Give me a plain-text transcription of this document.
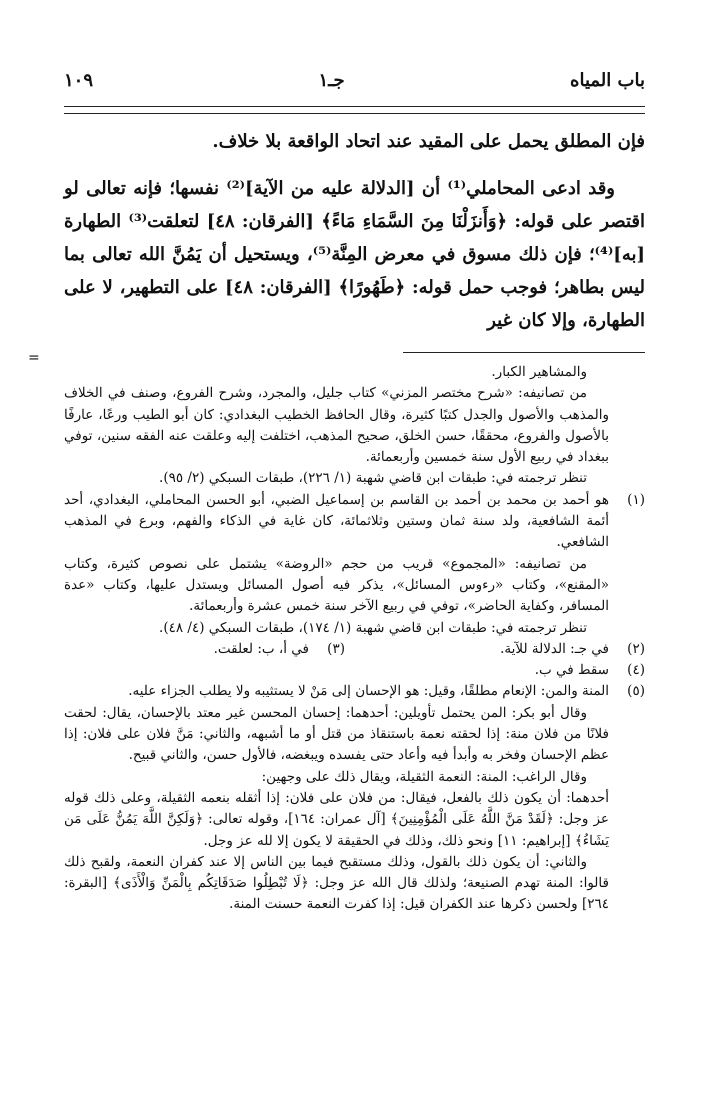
باب المياه
جـ١
١٠٩

فإن المطلق يحمل على المقيد عند اتحاد الواقعة بلا خلاف.

وقد ادعى المحاملي⁽¹⁾ أن [الدلالة عليه من الآية]⁽²⁾ نفسها؛ فإنه تعالى لو اقتصر على قوله: ﴿وَأَنزَلْنَا مِنَ السَّمَاءِ مَاءً﴾ [الفرقان: ٤٨] لتعلقت⁽³⁾ الطهارة [به]⁽⁴⁾؛ فإن ذلك مسوق في معرض المِنَّة⁽⁵⁾، ويستحيل أن يَمُنَّ الله تعالى بما ليس بطاهر؛ فوجب حمل قوله: ﴿طَهُورًا﴾ [الفرقان: ٤٨] على التطهير، لا على الطهارة، وإلا كان غير

=

والمشاهير الكبار.

من تصانيفه: «شرح مختصر المزني» كتاب جليل، والمجرد، وشرح الفروع، وصنف في الخلاف والمذهب والأصول والجدل كتبًا كثيرة، وقال الحافظ الخطيب البغدادي: كان أبو الطيب ورعًا، عارفًا بالأصول والفروع، محققًا، حسن الخلق، صحيح المذهب، اختلفت إليه وعلقت عنه الفقه سنين، توفي ببغداد في ربيع الأول سنة خمسين وأربعمائة.

تنظر ترجمته في: طبقات ابن قاضي شهبة (١/ ٢٢٦)، طبقات السبكي (٢/ ٩٥).

(١)

هو أحمد بن محمد بن أحمد بن القاسم بن إسماعيل الضبي، أبو الحسن المحاملي، البغدادي، أحد أئمة الشافعية، ولد سنة ثمان وستين وثلاثمائة، كان غاية في الذكاء والفهم، وبرع في المذهب الشافعي.

من تصانيفه: «المجموع» قريب من حجم «الروضة» يشتمل على نصوص كثيرة، وكتاب «المقنع»، وكتاب «رءوس المسائل»، يذكر فيه أصول المسائل ويستدل عليها، وكتاب «عدة المسافر، وكفاية الحاضر»، توفي في ربيع الآخر سنة خمس عشرة وأربعمائة.

تنظر ترجمته في: طبقات ابن قاضي شهبة (١/ ١٧٤)، طبقات السبكي (٤/ ٤٨).

(٢)
في جـ: الدلالة للآية.
(٣)
في أ، ب: لعلقت.
(٤)
سقط في ب.
(٥)

المنة والمن: الإنعام مطلقًا، وقيل: هو الإحسان إلى مَنْ لا يستثيبه ولا يطلب الجزاء عليه.

وقال أبو بكر: المن يحتمل تأويلين: أحدهما: إحسان المحسن غير معتد بالإحسان، يقال: لحقت فلانًا من فلان منة: إذا لحقته نعمة باستنقاذ من قتل أو ما أشبهه، والثاني: مَنَّ فلان على فلان: إذا عظم الإحسان وفخر به وأبدأ فيه وأعاد حتى يفسده ويبغضه، فالأول حسن، والثاني قبيح.

وقال الراغب: المنة: النعمة الثقيلة، ويقال ذلك على وجهين:

أحدهما: أن يكون ذلك بالفعل، فيقال: من فلان على فلان: إذا أثقله بنعمه الثقيلة، وعلى ذلك قوله عز وجل: ﴿لَقَدْ مَنَّ اللَّهُ عَلَى الْمُؤْمِنِينَ﴾ [آل عمران: ١٦٤]، وقوله تعالى: ﴿وَلَكِنَّ اللَّهَ يَمُنُّ عَلَى مَن يَشَاءُ﴾ [إبراهيم: ١١] ونحو ذلك، وذلك في الحقيقة لا يكون إلا لله عز وجل.

والثاني: أن يكون ذلك بالقول، وذلك مستقبح فيما بين الناس إلا عند كفران النعمة، ولقبح ذلك قالوا: المنة تهدم الصنيعة؛ ولذلك قال الله عز وجل: ﴿لَا تُبْطِلُوا صَدَقَاتِكُم بِالْمَنِّ وَالْأَذَى﴾ [البقرة: ٢٦٤] ولحسن ذكرها عند الكفران قيل: إذا كفرت النعمة حسنت المنة.
